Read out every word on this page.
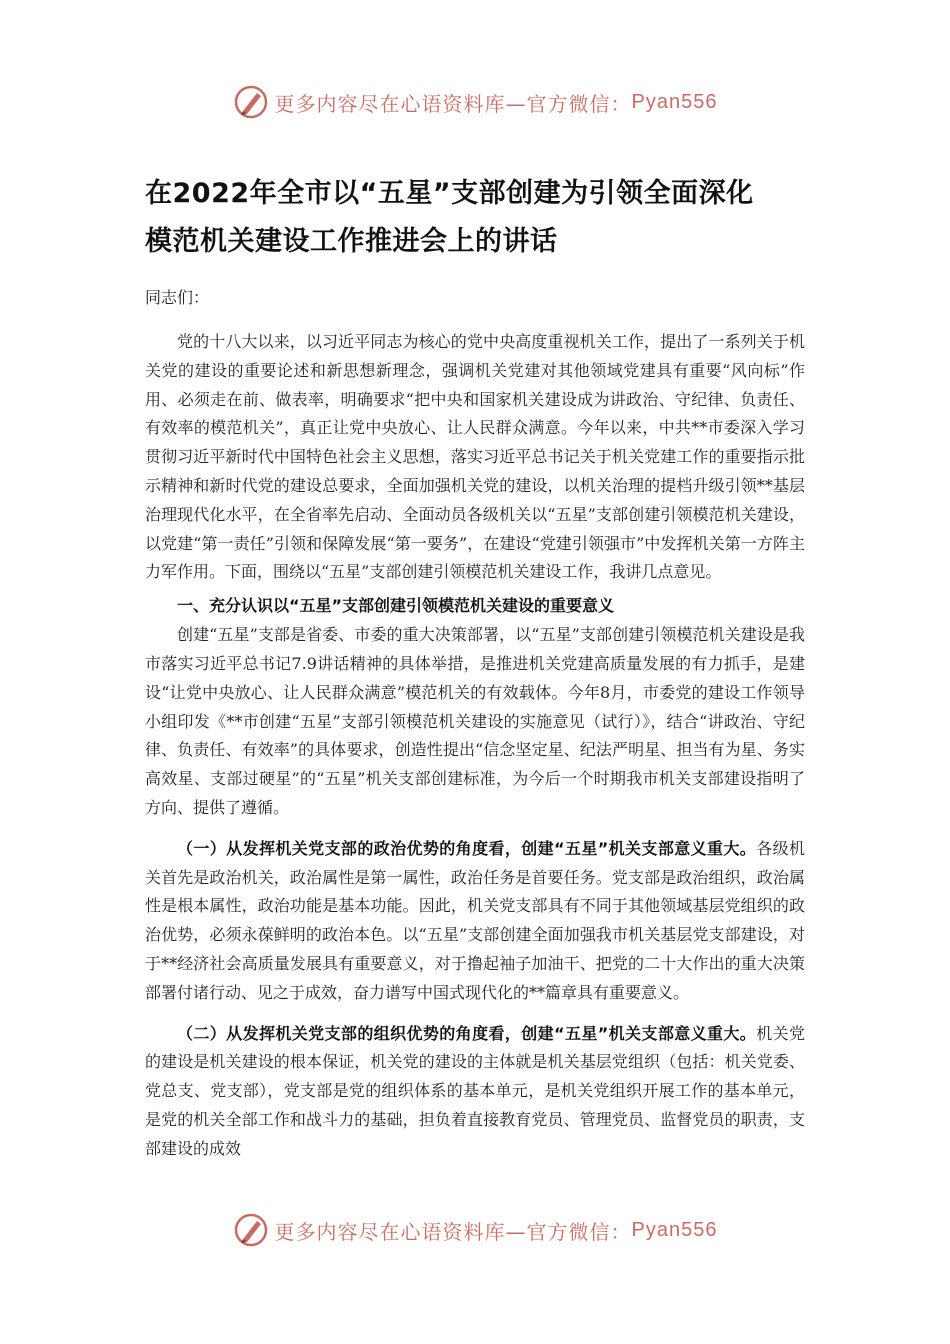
更多内容尽在心语资料库—官方微信： Pyan556
在2022年全市以“五星”支部创建为引领全面深化
模范机关建设工作推进会上的讲话
同志们：

党的十八大以来，以习近平同志为核心的党中央高度重视机关工作，提出了一系列关于机关党的建设的重要论述和新思想新理念，强调机关党建对其他领域党建具有重要“风向标”作用、必须走在前、做表率，明确要求“把中央和国家机关建设成为讲政治、守纪律、负责任、有效率的模范机关”，真正让党中央放心、让人民群众满意。今年以来，中共**市委深入学习贯彻习近平新时代中国特色社会主义思想，落实习近平总书记关于机关党建工作的重要指示批示精神和新时代党的建设总要求，全面加强机关党的建设，以机关治理的提档升级引领**基层治理现代化水平，在全省率先启动、全面动员各级机关以“五星”支部创建引领模范机关建设，以党建“第一责任”引领和保障发展“第一要务”，在建设“党建引领强市”中发挥机关第一方阵主力军作用。下面，围绕以“五星”支部创建引领模范机关建设工作，我讲几点意见。

一、充分认识以“五星”支部创建引领模范机关建设的重要意义

创建“五星”支部是省委、市委的重大决策部署，以“五星”支部创建引领模范机关建设是我市落实习近平总书记7.9讲话精神的具体举措，是推进机关党建高质量发展的有力抓手，是建设“让党中央放心、让人民群众满意”模范机关的有效载体。今年8月，市委党的建设工作领导小组印发《**市创建“五星”支部引领模范机关建设的实施意见（试行）》，结合“讲政治、守纪律、负责任、有效率”的具体要求，创造性提出“信念坚定星、纪法严明星、担当有为星、务实高效星、支部过硬星”的“五星”机关支部创建标准，为今后一个时期我市机关支部建设指明了方向、提供了遵循。

（一）从发挥机关党支部的政治优势的角度看，创建“五星”机关支部意义重大。各级机关首先是政治机关，政治属性是第一属性，政治任务是首要任务。党支部是政治组织，政治属性是根本属性，政治功能是基本功能。因此，机关党支部具有不同于其他领域基层党组织的政治优势，必须永葆鲜明的政治本色。以“五星”支部创建全面加强我市机关基层党支部建设，对于**经济社会高质量发展具有重要意义，对于撸起袖子加油干、把党的二十大作出的重大决策部署付诸行动、见之于成效，奋力谱写中国式现代化的**篇章具有重要意义。

（二）从发挥机关党支部的组织优势的角度看，创建“五星”机关支部意义重大。机关党的建设是机关建设的根本保证，机关党的建设的主体就是机关基层党组织（包括：机关党委、党总支、党支部），党支部是党的组织体系的基本单元，是机关党组织开展工作的基本单元，是党的机关全部工作和战斗力的基础，担负着直接教育党员、管理党员、监督党员的职责，支部建设的成效

更多内容尽在心语资料库—官方微信： Pyan556
